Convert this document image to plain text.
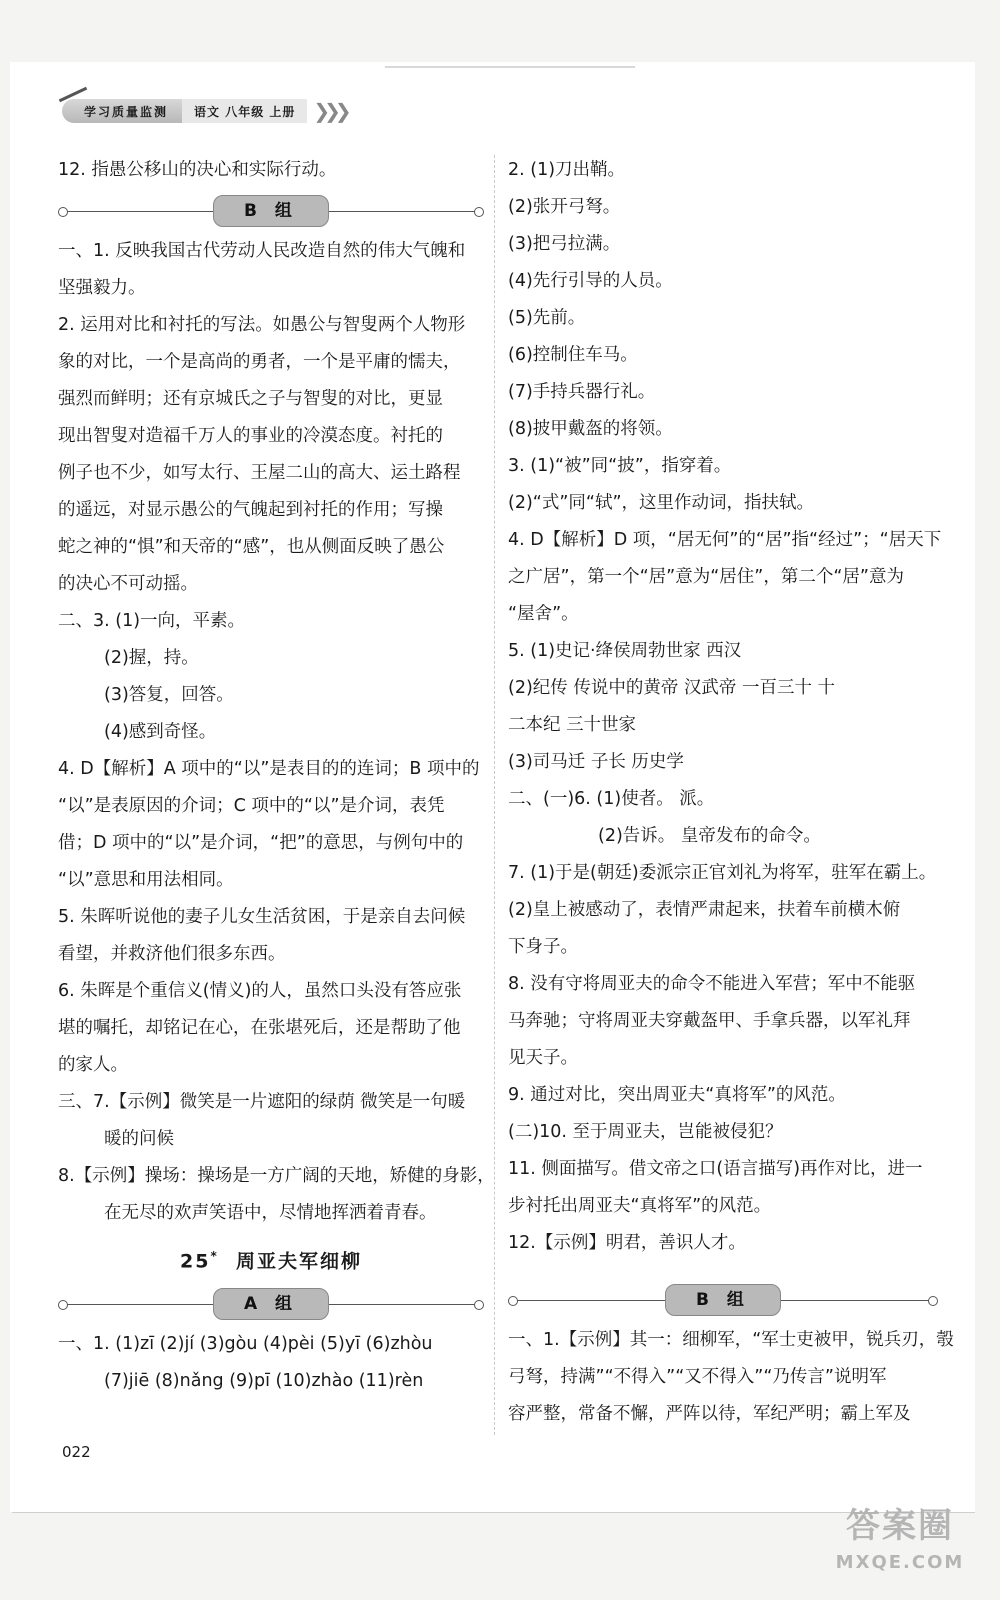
学习质量监测	语文 八年级 上册 ❯❯❯

12. 指愚公移山的决心和实际行动。

B 组

一、1. 反映我国古代劳动人民改造自然的伟大气魄和

坚强毅力。

2. 运用对比和衬托的写法。如愚公与智叟两个人物形

象的对比，一个是高尚的勇者，一个是平庸的懦夫，

强烈而鲜明；还有京城氏之子与智叟的对比，更显

现出智叟对造福千万人的事业的冷漠态度。衬托的

例子也不少，如写太行、王屋二山的高大、运土路程

的遥远，对显示愚公的气魄起到衬托的作用；写操

蛇之神的“惧”和天帝的“感”，也从侧面反映了愚公

的决心不可动摇。

二、3. (1)一向，平素。

(2)握，持。

(3)答复，回答。

(4)感到奇怪。

4. D【解析】A 项中的“以”是表目的的连词；B 项中的

“以”是表原因的介词；C 项中的“以”是介词，表凭

借；D 项中的“以”是介词，“把”的意思，与例句中的

“以”意思和用法相同。

5. 朱晖听说他的妻子儿女生活贫困，于是亲自去问候

看望，并救济他们很多东西。

6. 朱晖是个重信义(情义)的人，虽然口头没有答应张

堪的嘱托，却铭记在心，在张堪死后，还是帮助了他

的家人。

三、7.【示例】微笑是一片遮阳的绿荫 微笑是一句暖

暖的问候

8.【示例】操场：操场是一方广阔的天地，矫健的身影，

在无尽的欢声笑语中，尽情地挥洒着青春。

25* 周亚夫军细柳
A 组

一、1. (1)zī (2)jí (3)gòu (4)pèi (5)yī (6)zhòu

(7)jiē (8)nǎng (9)pī (10)zhào (11)rèn

2. (1)刀出鞘。

(2)张开弓弩。

(3)把弓拉满。

(4)先行引导的人员。

(5)先前。

(6)控制住车马。

(7)手持兵器行礼。

(8)披甲戴盔的将领。

3. (1)“被”同“披”，指穿着。

(2)“式”同“轼”，这里作动词，指扶轼。

4. D【解析】D 项，“居无何”的“居”指“经过”；“居天下

之广居”，第一个“居”意为“居住”，第二个“居”意为

“屋舍”。

5. (1)史记·绛侯周勃世家 西汉

(2)纪传 传说中的黄帝 汉武帝 一百三十 十

二本纪 三十世家

(3)司马迁 子长 历史学

二、(一)6. (1)使者。 派。

(2)告诉。 皇帝发布的命令。

7. (1)于是(朝廷)委派宗正官刘礼为将军，驻军在霸上。

(2)皇上被感动了，表情严肃起来，扶着车前横木俯

下身子。

8. 没有守将周亚夫的命令不能进入军营；军中不能驱

马奔驰；守将周亚夫穿戴盔甲、手拿兵器，以军礼拜

见天子。

9. 通过对比，突出周亚夫“真将军”的风范。

(二)10. 至于周亚夫，岂能被侵犯？

11. 侧面描写。借文帝之口(语言描写)再作对比，进一

步衬托出周亚夫“真将军”的风范。

12.【示例】明君，善识人才。

B 组

一、1.【示例】其一：细柳军，“军士吏被甲，锐兵刃，彀

弓弩，持满”“不得入”“又不得入”“乃传言”说明军

容严整，常备不懈，严阵以待，军纪严明；霸上军及

022
答案圈
MXQE.COM
